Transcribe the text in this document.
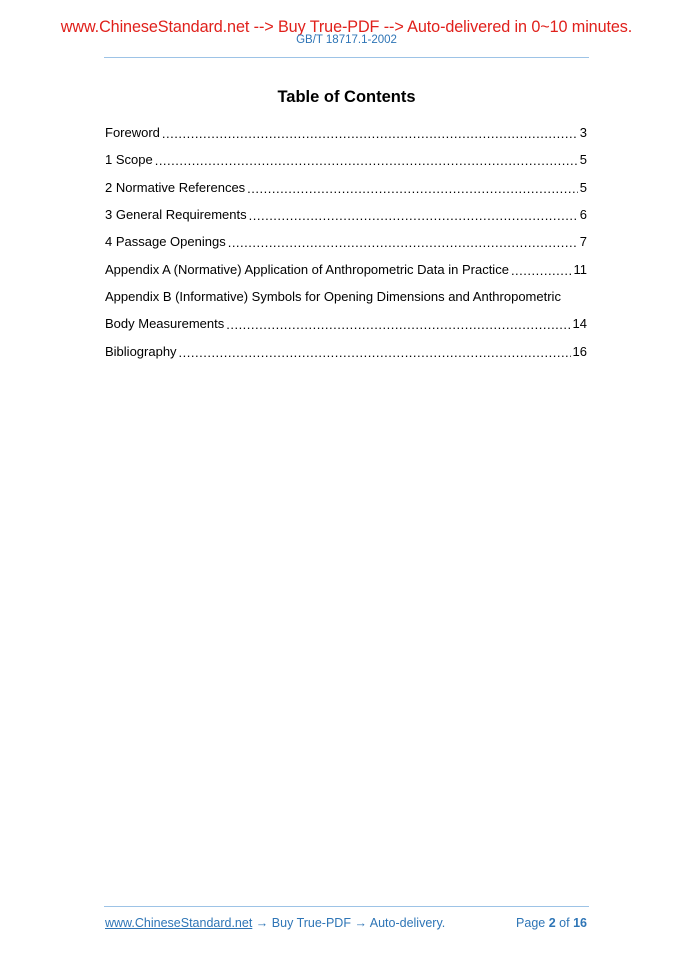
www.ChineseStandard.net --> Buy True-PDF --> Auto-delivered in 0~10 minutes.
GB/T 18717.1-2002
Table of Contents
Foreword .....	3
1 Scope .....	5
2 Normative References .....	5
3 General Requirements .....	6
4 Passage Openings .....	7
Appendix A (Normative) Application of Anthropometric Data in Practice .....	11
Appendix B (Informative) Symbols for Opening Dimensions and Anthropometric
Body Measurements .....	14
Bibliography .....	16
www.ChineseStandard.net → Buy True-PDF → Auto-delivery.	Page 2 of 16
